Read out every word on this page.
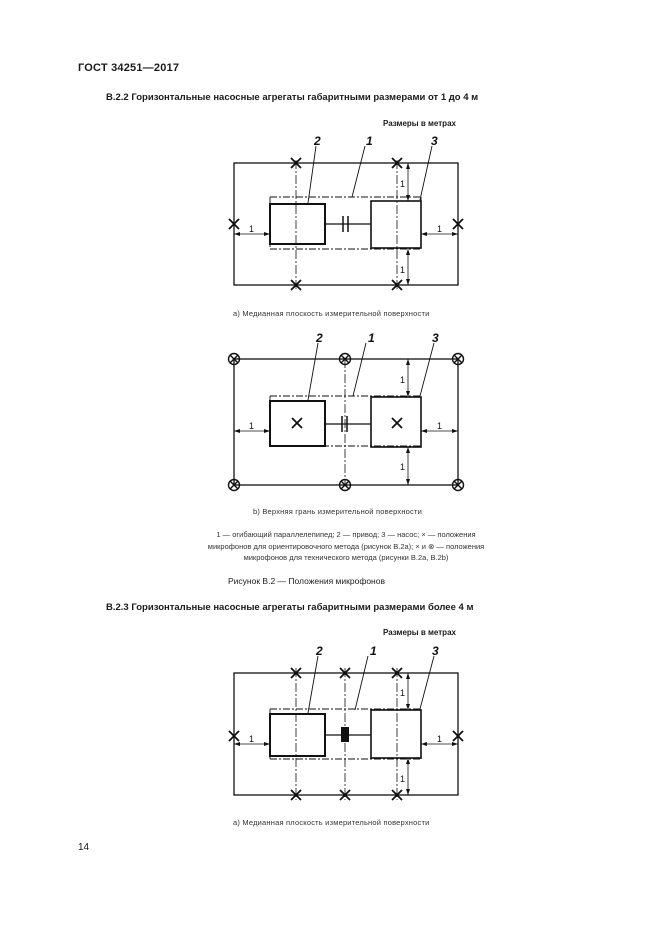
ГОСТ 34251—2017
В.2.2 Горизонтальные насосные агрегаты габаритными размерами от 1 до 4 м
Размеры в метрах
1	1
1
1
2	1	3
а) Медианная плоскость измерительной поверхности
1	1
1
1
2	1	3
b) Верхняя грань измерительной поверхности
1 — огибающий параллелепипед; 2 — привод; 3 — насос; × — положения
микрофонов для ориентировочного метода (рисунок В.2а); × и ⊗ — положения
микрофонов для технического метода (рисунки В.2а, В.2b)
Рисунок В.2 — Положения микрофонов
В.2.3 Горизонтальные насосные агрегаты габаритными размерами более 4 м
Размеры в метрах
1	1
1
1
2	1	3
а) Медианная плоскость измерительной поверхности
14
